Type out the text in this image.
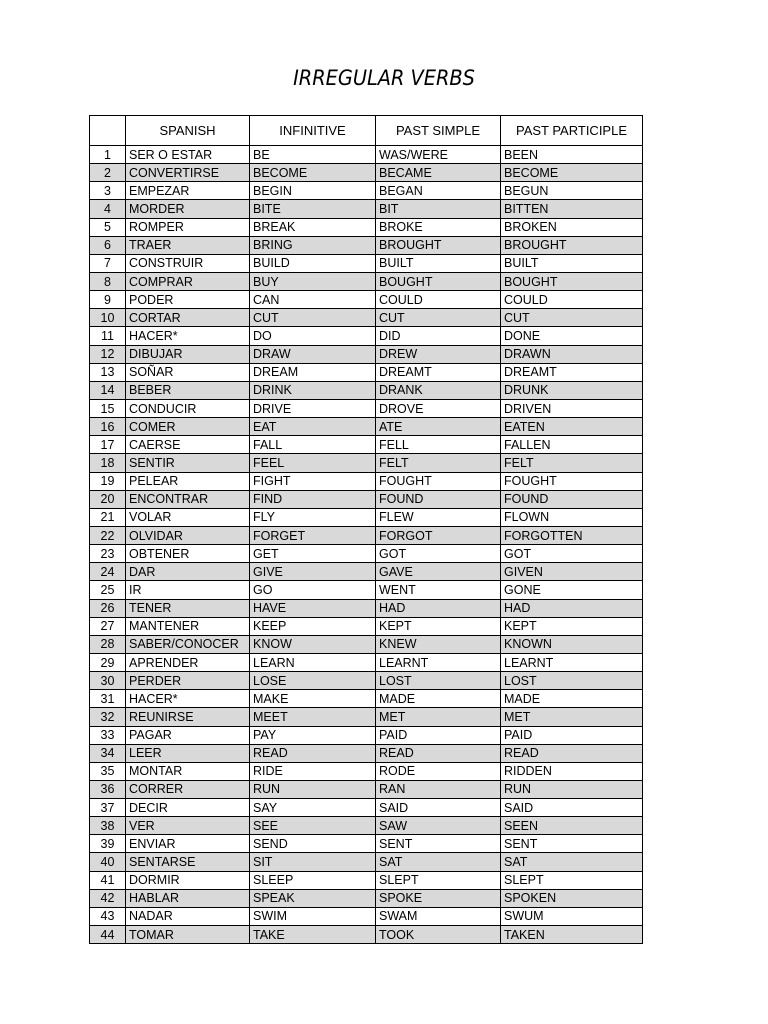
IRREGULAR VERBS
	SPANISH	INFINITIVE	PAST SIMPLE	PAST PARTICIPLE
1	SER O ESTAR	BE	WAS/WERE	BEEN
2	CONVERTIRSE	BECOME	BECAME	BECOME
3	EMPEZAR	BEGIN	BEGAN	BEGUN
4	MORDER	BITE	BIT	BITTEN
5	ROMPER	BREAK	BROKE	BROKEN
6	TRAER	BRING	BROUGHT	BROUGHT
7	CONSTRUIR	BUILD	BUILT	BUILT
8	COMPRAR	BUY	BOUGHT	BOUGHT
9	PODER	CAN	COULD	COULD
10	CORTAR	CUT	CUT	CUT
11	HACER*	DO	DID	DONE
12	DIBUJAR	DRAW	DREW	DRAWN
13	SOÑAR	DREAM	DREAMT	DREAMT
14	BEBER	DRINK	DRANK	DRUNK
15	CONDUCIR	DRIVE	DROVE	DRIVEN
16	COMER	EAT	ATE	EATEN
17	CAERSE	FALL	FELL	FALLEN
18	SENTIR	FEEL	FELT	FELT
19	PELEAR	FIGHT	FOUGHT	FOUGHT
20	ENCONTRAR	FIND	FOUND	FOUND
21	VOLAR	FLY	FLEW	FLOWN
22	OLVIDAR	FORGET	FORGOT	FORGOTTEN
23	OBTENER	GET	GOT	GOT
24	DAR	GIVE	GAVE	GIVEN
25	IR	GO	WENT	GONE
26	TENER	HAVE	HAD	HAD
27	MANTENER	KEEP	KEPT	KEPT
28	SABER/CONOCER	KNOW	KNEW	KNOWN
29	APRENDER	LEARN	LEARNT	LEARNT
30	PERDER	LOSE	LOST	LOST
31	HACER*	MAKE	MADE	MADE
32	REUNIRSE	MEET	MET	MET
33	PAGAR	PAY	PAID	PAID
34	LEER	READ	READ	READ
35	MONTAR	RIDE	RODE	RIDDEN
36	CORRER	RUN	RAN	RUN
37	DECIR	SAY	SAID	SAID
38	VER	SEE	SAW	SEEN
39	ENVIAR	SEND	SENT	SENT
40	SENTARSE	SIT	SAT	SAT
41	DORMIR	SLEEP	SLEPT	SLEPT
42	HABLAR	SPEAK	SPOKE	SPOKEN
43	NADAR	SWIM	SWAM	SWUM
44	TOMAR	TAKE	TOOK	TAKEN
